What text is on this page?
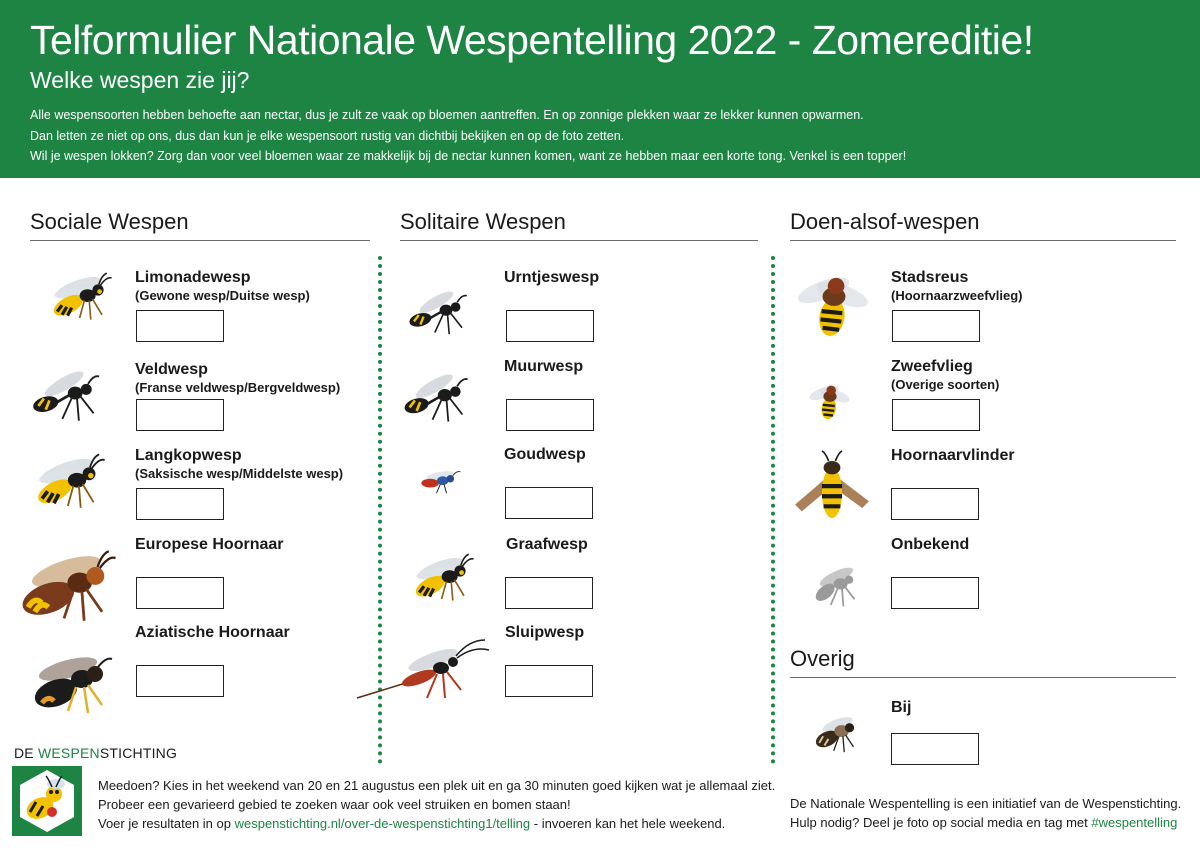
Telformulier Nationale Wespentelling 2022 - Zomereditie!
Welke wespen zie jij?
Alle wespensoorten hebben behoefte aan nectar, dus je zult ze vaak op bloemen aantreffen. En op zonnige plekken waar ze lekker kunnen opwarmen.
Dan letten ze niet op ons, dus dan kun je elke wespensoort rustig van dichtbij bekijken en op de foto zetten.
Wil je wespen lokken? Zorg dan voor veel bloemen waar ze makkelijk bij de nectar kunnen komen, want ze hebben maar een korte tong. Venkel is een topper!
Sociale Wespen	Solitaire Wespen	Doen-alsof-wespen
Overig
Limonadewesp
(Gewone wesp/Duitse wesp)
Veldwesp
(Franse veldwesp/Bergveldwesp)
Langkopwesp
(Saksische wesp/Middelste wesp)
Europese Hoornaar
Aziatische Hoornaar
Urntjeswesp
Muurwesp
Goudwesp
Graafwesp
Sluipwesp
Stadsreus
(Hoornaarzweefvlieg)
Zweefvlieg
(Overige soorten)
Hoornaarvlinder
Onbekend
Bij
DE WESPENSTICHTING
Meedoen? Kies in het weekend van 20 en 21 augustus een plek uit en ga 30 minuten goed kijken wat je allemaal ziet.
Probeer een gevarieerd gebied te zoeken waar ook veel struiken en bomen staan!
Voer je resultaten in op wespenstichting.nl/over-de-wespenstichting1/telling - invoeren kan het hele weekend.
De Nationale Wespentelling is een initiatief van de Wespenstichting.
Hulp nodig? Deel je foto op social media en tag met #wespentelling
